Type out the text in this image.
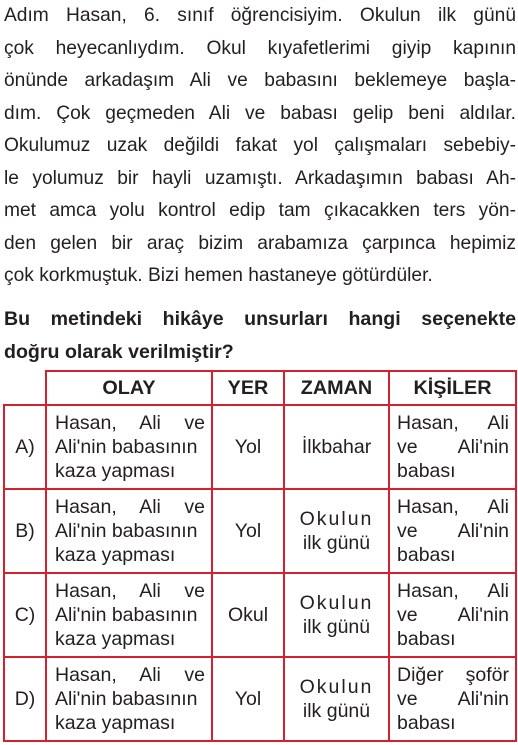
Adım Hasan, 6. sınıf öğrencisiyim. Okulun ilk günü
çok heyecanlıydım. Okul kıyafetlerimi giyip kapının
önünde arkadaşım Ali ve babasını beklemeye başla-
dım. Çok geçmeden Ali ve babası gelip beni aldılar.
Okulumuz uzak değildi fakat yol çalışmaları sebebiy-
le yolumuz bir hayli uzamıştı. Arkadaşımın babası Ah-
met amca yolu kontrol edip tam çıkacakken ters yön-
den gelen bir araç bizim arabamıza çarpınca hepimiz
çok korkmuştuk. Bizi hemen hastaneye götürdüler.
Bu metindeki hikâye unsurları hangi seçenekte
doğru olarak verilmiştir?
	OLAY	YER	ZAMAN	KİŞİLER
A)	Hasan, Ali ve
Ali'nin babasının
kaza yapması	Yol	İlkbahar	Hasan, Ali
ve Ali'nin
babası

B)	Hasan, Ali ve
Ali'nin babasının
kaza yapması	Yol	Okulun
ilk günü	Hasan, Ali
ve Ali'nin
babası

C)	Hasan, Ali ve
Ali'nin babasının
kaza yapması	Okul	Okulun
ilk günü	Hasan, Ali
ve Ali'nin
babası

D)	Hasan, Ali ve
Ali'nin babasının
kaza yapması	Yol	Okulun
ilk günü	Diğer şoför
ve Ali'nin
babası
